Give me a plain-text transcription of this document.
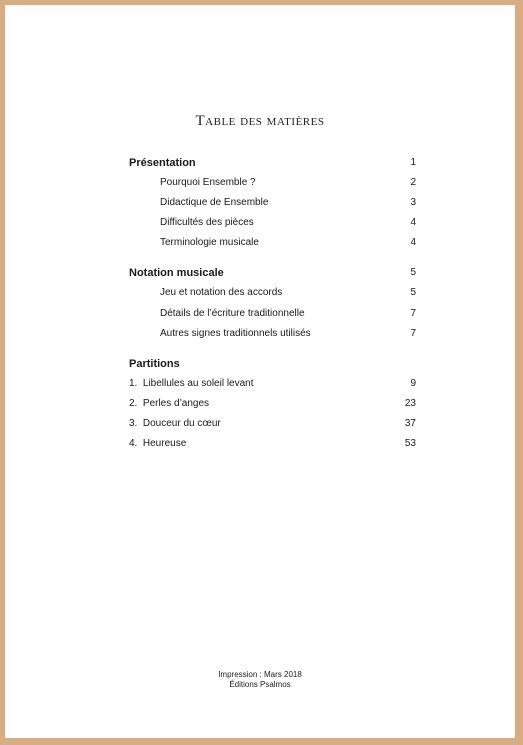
Table des matières
Présentation	1
Pourquoi Ensemble ?	2
Didactique de Ensemble	3
Difficultés des pièces	4
Terminologie musicale	4
Notation musicale	5
Jeu et notation des accords	5
Détails de l’écriture traditionnelle	7
Autres signes traditionnels utilisés	7
Partitions
1.  Libellules au soleil levant	9
2.  Perles d’anges	23
3.  Douceur du cœur	37
4.  Heureuse	53
Impression : Mars 2018
Éditions Psalmos
